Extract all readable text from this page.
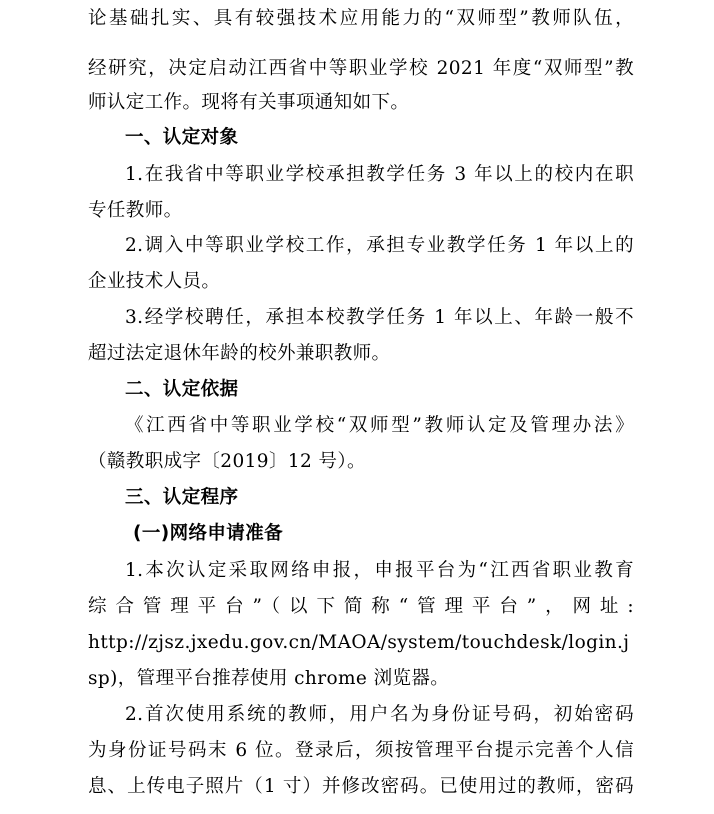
论基础扎实、具有较强技术应用能力的“双师型”教师队伍，
经研究，决定启动江西省中等职业学校 2021 年度“双师型”教
师认定工作。现将有关事项通知如下。
一、认定对象
1.在我省中等职业学校承担教学任务 3 年以上的校内在职
专任教师。
2.调入中等职业学校工作，承担专业教学任务 1 年以上的
企业技术人员。
3.经学校聘任，承担本校教学任务 1 年以上、年龄一般不
超过法定退休年龄的校外兼职教师。
二、认定依据
《江西省中等职业学校“双师型”教师认定及管理办法》
（赣教职成字〔2019〕12 号）。
三、认定程序
(一)网络申请准备
1.本次认定采取网络申报，申报平台为“江西省职业教育
综合管理平台”（以下简称“管理平台”，网址:
http://zjsz.jxedu.gov.cn/MAOA/system/touchdesk/login.j
sp)，管理平台推荐使用 chrome 浏览器。
2.首次使用系统的教师，用户名为身份证号码，初始密码
为身份证号码末 6 位。登录后，须按管理平台提示完善个人信
息、上传电子照片（1 寸）并修改密码。已使用过的教师，密码
